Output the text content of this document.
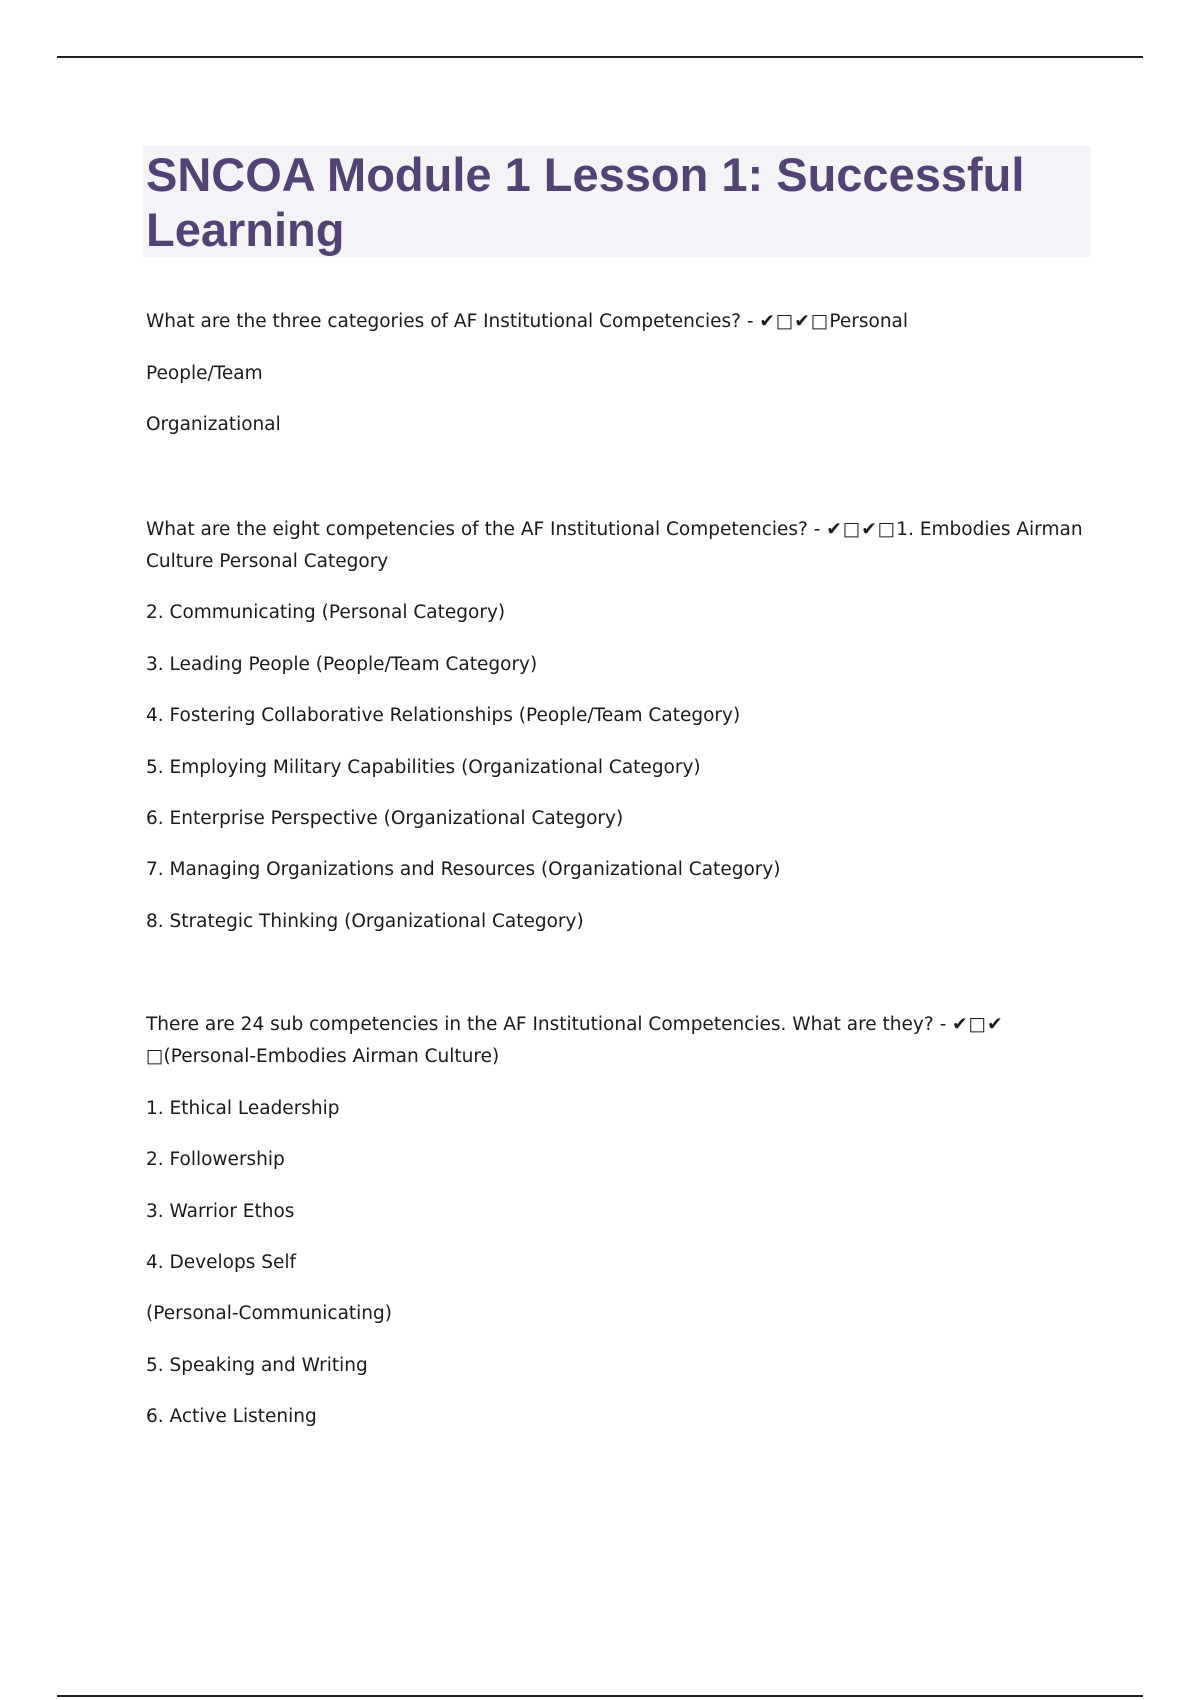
SNCOA Module 1 Lesson 1: Successful
Learning

What are the three categories of AF Institutional Competencies? - ✔□✔□Personal

People/Team

Organizational

What are the eight competencies of the AF Institutional Competencies? - ✔□✔□1. Embodies Airman

Culture Personal Category

2. Communicating (Personal Category)

3. Leading People (People/Team Category)

4. Fostering Collaborative Relationships (People/Team Category)

5. Employing Military Capabilities (Organizational Category)

6. Enterprise Perspective (Organizational Category)

7. Managing Organizations and Resources (Organizational Category)

8. Strategic Thinking (Organizational Category)

There are 24 sub competencies in the AF Institutional Competencies. What are they? - ✔□✔

□(Personal-Embodies Airman Culture)

1. Ethical Leadership

2. Followership

3. Warrior Ethos

4. Develops Self

(Personal-Communicating)

5. Speaking and Writing

6. Active Listening
